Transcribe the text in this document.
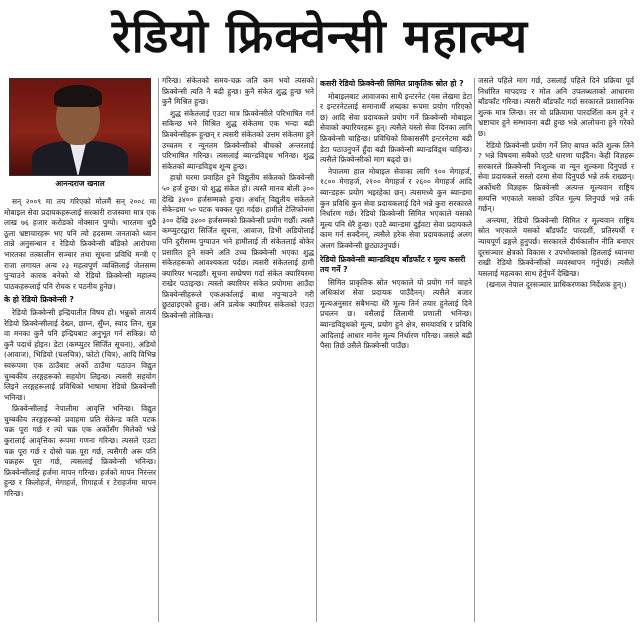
रेडियो फ्रिक्वेन्सी महात्म्य
आनन्दराज खनाल

सन् २००९ मा तय गरिएको मोलमैं सन् २००८ मा मोबाइल सेवा प्रदायकहरूलाई सरकारी राजस्वमा मात्र एक लाख ७६ हजार करोडको नोक्सान पुग्यो। भारतमा थुप्रै ठूला भ्रष्टाचारहरू भए पनि त्यो हदसम्म जनताको ध्यान तान्ने अनुसन्धान र रेडियो फ्रिक्वेन्सी बाँडेको आरोपमा भारतका तत्कालीन सञ्चार तथा सूचना प्रविधि मन्त्री ए राजा लगायत अन्य २३ महत्वपूर्ण व्यक्तिलाई जेलसम्म पुऱ्याउने कारक बनेको यो रेडियो फ्रिक्वेन्सी महात्म्य पाठकहरूलाई पनि रोचक र पठनीय हुनेछ।

के हो रेडियो फ्रिक्वेन्सी ?

रेडियो फ्रिक्वेन्सी इन्द्रियातीत विषय हो। भन्नुको तात्पर्य रेडियो फ्रिक्वेन्सीलाई देख्न, छाम्न, सुँघ्न, स्वाद लिन, सुन्न वा मनका कुनै पनि इन्द्रियबाट अनुभूत गर्न सकिन्न। यो कुनै पदार्थ होइन। डेटा (कम्प्युटर सिर्जित सूचना), अडियो (आवाज), भिडियो (चलचित्र), फोटो (चित्र), आदि विभिन्न स्वरूपमा एक ठाउँबाट अर्को ठाउँमा पठाउन विद्युत चुम्बकीय तरङ्गहरूको सहयोग लिइन्छ। त्यसरी सहयोग लिइने तरङ्गहरूलाई प्रविधिको भाषामा रेडियो फ्रिक्वेन्सी भनिन्छ।

फ्रिक्वेन्सीलाई नेपालीमा आवृत्ति भनिन्छ। विद्युत चुम्बकीय तरङ्गहरूको प्रवाहमा प्रति सेकेन्ड कति पटक चक्र पूरा गर्छ र त्यो चक्र एक अर्कोसँग मिलेको भन्ने कुरालाई आवृत्तिका रूपमा गणना गरिन्छ। त्यसले एउटा चक्र पूरा गर्छ र दोस्रो चक्र पूरा गर्छ, त्यसैगरी अरू पनि चक्रहरू पूरा गर्छ, त्यसलाई फ्रिक्वेन्सी भनिन्छ। फ्रिक्वेन्सीलाई हर्जमा मापन गरिन्छ। हर्जको मापन निरन्तर हुन्छ र किलोहर्ज, मेगाहर्ज, गिगाहर्ज र टेराहर्जमा मापन गरिन्छ।

गरिन्छ। संकेतको समय-चक्र जति कम भयो त्यसको फ्रिक्वेन्सी त्यति नै बढी हुन्छ। कुनै संकेत शुद्ध हुन्छ भने कुनै मिश्रित हुन्छ।

शुद्ध संकेतलाई एउटा मात्र फ्रिक्वेन्सीले परिभाषित गर्न सकिन्छ भने मिश्रित शुद्ध संकेतमा एक भन्दा बढी फ्रिक्वेन्सीहरू हुन्छन् र त्यसरी संकेतको उत्तम संकेतमा हुने उच्चतम र न्यूनतम फ्रिक्वेन्सीको बीचको अन्तरलाई परिभाषित गरिन्छ। त्यसलाई ब्यान्डविड्थ भनिन्छ। शुद्ध संकेतको ब्यान्डविड्थ शून्य हुन्छ।

हाम्रो घरमा प्रवाहित हुने विद्युतीय संकेतको फ्रिक्वेन्सी ५० हर्ज हुन्छ। यो शुद्ध संकेत हो। त्यस्तै मानव बोली ३०० देखि ३४०० हर्जसम्मको हुन्छ। अर्थात् विद्युतीय संकेतले सेकेन्डमा ५० पटक चक्कर पूरा गर्दछ। हामीले टेलिफोनमा ३०० देखि ३४०० हर्जसम्मको फ्रिक्वेन्सी प्रयोग गर्छौं। त्यस्तै कम्प्युटरद्वारा सिर्जित सूचना, आवाज, डिभी अडियोलाई पनि दुरीसम्म पुग्याउन भने हामीलाई ती संकेतलाई बोकेर प्रसारित हुने सक्ने अति उच्च फ्रिक्वेन्सी भएका शुद्ध संकेतहरूको आवश्यकता पर्दछ। त्यसरी संकेतलाई हामी क्यारियर भन्दछौं। सूचना सम्प्रेषण गर्दा संकेत क्यारियरमा राखेर पठाइन्छ। त्यस्तो क्यारियर संकेत प्रयोगमा आउँदा फ्रिक्वेन्सीहरूले एकअर्कालाई बाधा नपुऱ्याउने गरी छुट्याइएको हुन्छ। अनि प्रत्येक क्यारियर संकेतको एउटा फ्रिक्वेन्सी तोकिन्छ।

कसरी रेडियो फ्रिक्वेन्सी सिमित प्राकृतिक स्रोत हो ?

मोबाइलबाट आवाजका साथै इन्टरनेट (यस लेखमा डेटा र इन्टरनेटलाई समानार्थी शब्दका रूपमा प्रयोग गरिएको छ) आदि सेवा प्रदायकले प्रयोग गर्ने फ्रिक्वेन्सी मोबाइल सेवाको क्यारियरहरू हुन्। त्यसैले यस्तो सेवा दिनका लागि फ्रिक्वेन्सी चाहिन्छ। प्रविधिको विकाससँगै इन्टरनेटमा बढी डेटा पठाउनुपर्ने हुँदा बढी फ्रिक्वेन्सी ब्यान्डविड्थ चाहिन्छ। त्यसैले फ्रिक्वेन्सीको माग बढ्दो छ।

नेपालमा हाल मोबाइल सेवाका लागि ९०० मेगाहर्ज, १८०० मेगाहर्ज, २१०० मेगाहर्ज र २६०० मेगाहर्ज आदि ब्यान्डहरू प्रयोग भइरहेका छन्। त्यसमध्ये कुन ब्यान्डमा कुन प्रविधि कुन सेवा प्रदायकलाई दिने भन्ने कुरा सरकारले निर्धारण गर्छ। रेडियो फ्रिक्वेन्सी सिमित भएकाले यसको मूल्य पनि धेरै हुन्छ। एउटै ब्यान्डमा दुईवटा सेवा प्रदायकले काम गर्न सक्दैनन्, त्यसैले हरेक सेवा प्रदायकलाई अलग अलग फ्रिक्वेन्सी छुट्याउनुपर्छ।

रेडियो फ्रिक्वेन्सी ब्यान्डविड्थ बाँडफाँट र मूल्य कसरी तय गर्ने ?

सिमित प्राकृतिक स्रोत भएकाले यो प्रयोग गर्न चाहने अधिकांश सेवा प्रदायक पाउँदैनन्। त्यसैले बजार मूल्यअनुसार सबैभन्दा धेरै मूल्य तिर्न तयार हुनेलाई दिने प्रचलन छ। यसैलाई लिलामी प्रणाली भनिन्छ। ब्यान्डविड्थको मूल्य, प्रयोग हुने क्षेत्र, समयावधि र प्रविधि आदिलाई आधार मानेर मूल्य निर्धारण गरिन्छ। जसले बढी पैसा तिर्छ उसैले फ्रिक्वेन्सी पाउँछ।

जसले पहिले माग गर्छ, उसलाई पहिले दिने प्रक्रिया पूर्व निर्धारित मापदण्ड र मोल अनि उपलब्धताको आधारमा बाँडफाँट गरिन्छ। त्यसरी बाँडफाँट गर्दा सरकारले प्रशासनिक शुल्क मात्र लिन्छ। तर यो प्रक्रियामा पारदर्शिता कम हुने र भ्रष्टाचार हुने सम्भावना बढी हुन्छ भन्ने आलोचना हुने गरेको छ।

रेडियो फ्रिक्वेन्सी प्रयोग गर्ने लिए बापत कति शुल्क लिने ? भन्ने विषयमा सबैको एउटै धारणा पाइँदैन। केही विज्ञहरू सरकारले फ्रिक्वेन्सी निःशुल्क वा न्यून शुल्कमा दिनुपर्छ र सेवा प्रदायकले सस्तो दरमा सेवा दिनुपर्छ भन्ने तर्क राख्छन्। अर्कोथरी विज्ञहरू फ्रिक्वेन्सी अत्यन्त मूल्यवान राष्ट्रिय सम्पत्ति भएकाले यसको उचित मूल्य लिनुपर्छ भन्ने तर्क गर्छन्।

अन्त्यमा, रेडियो फ्रिक्वेन्सी सिमित र मूल्यवान राष्ट्रिय स्रोत भएकाले यसको बाँडफाँट पारदर्शी, प्रतिस्पर्धी र न्यायपूर्ण ढङ्गले हुनुपर्छ। सरकारले दीर्घकालीन नीति बनाएर दूरसञ्चार क्षेत्रको विकास र उपभोक्ताको हितलाई ध्यानमा राखी रेडियो फ्रिक्वेन्सीको व्यवस्थापन गर्नुपर्छ। त्यसैले यसलाई महत्वका साथ हेर्नुपर्ने देखिन्छ।

(खनाल नेपाल दूरसञ्चार प्राधिकरणका निर्देशक हुन्।)
